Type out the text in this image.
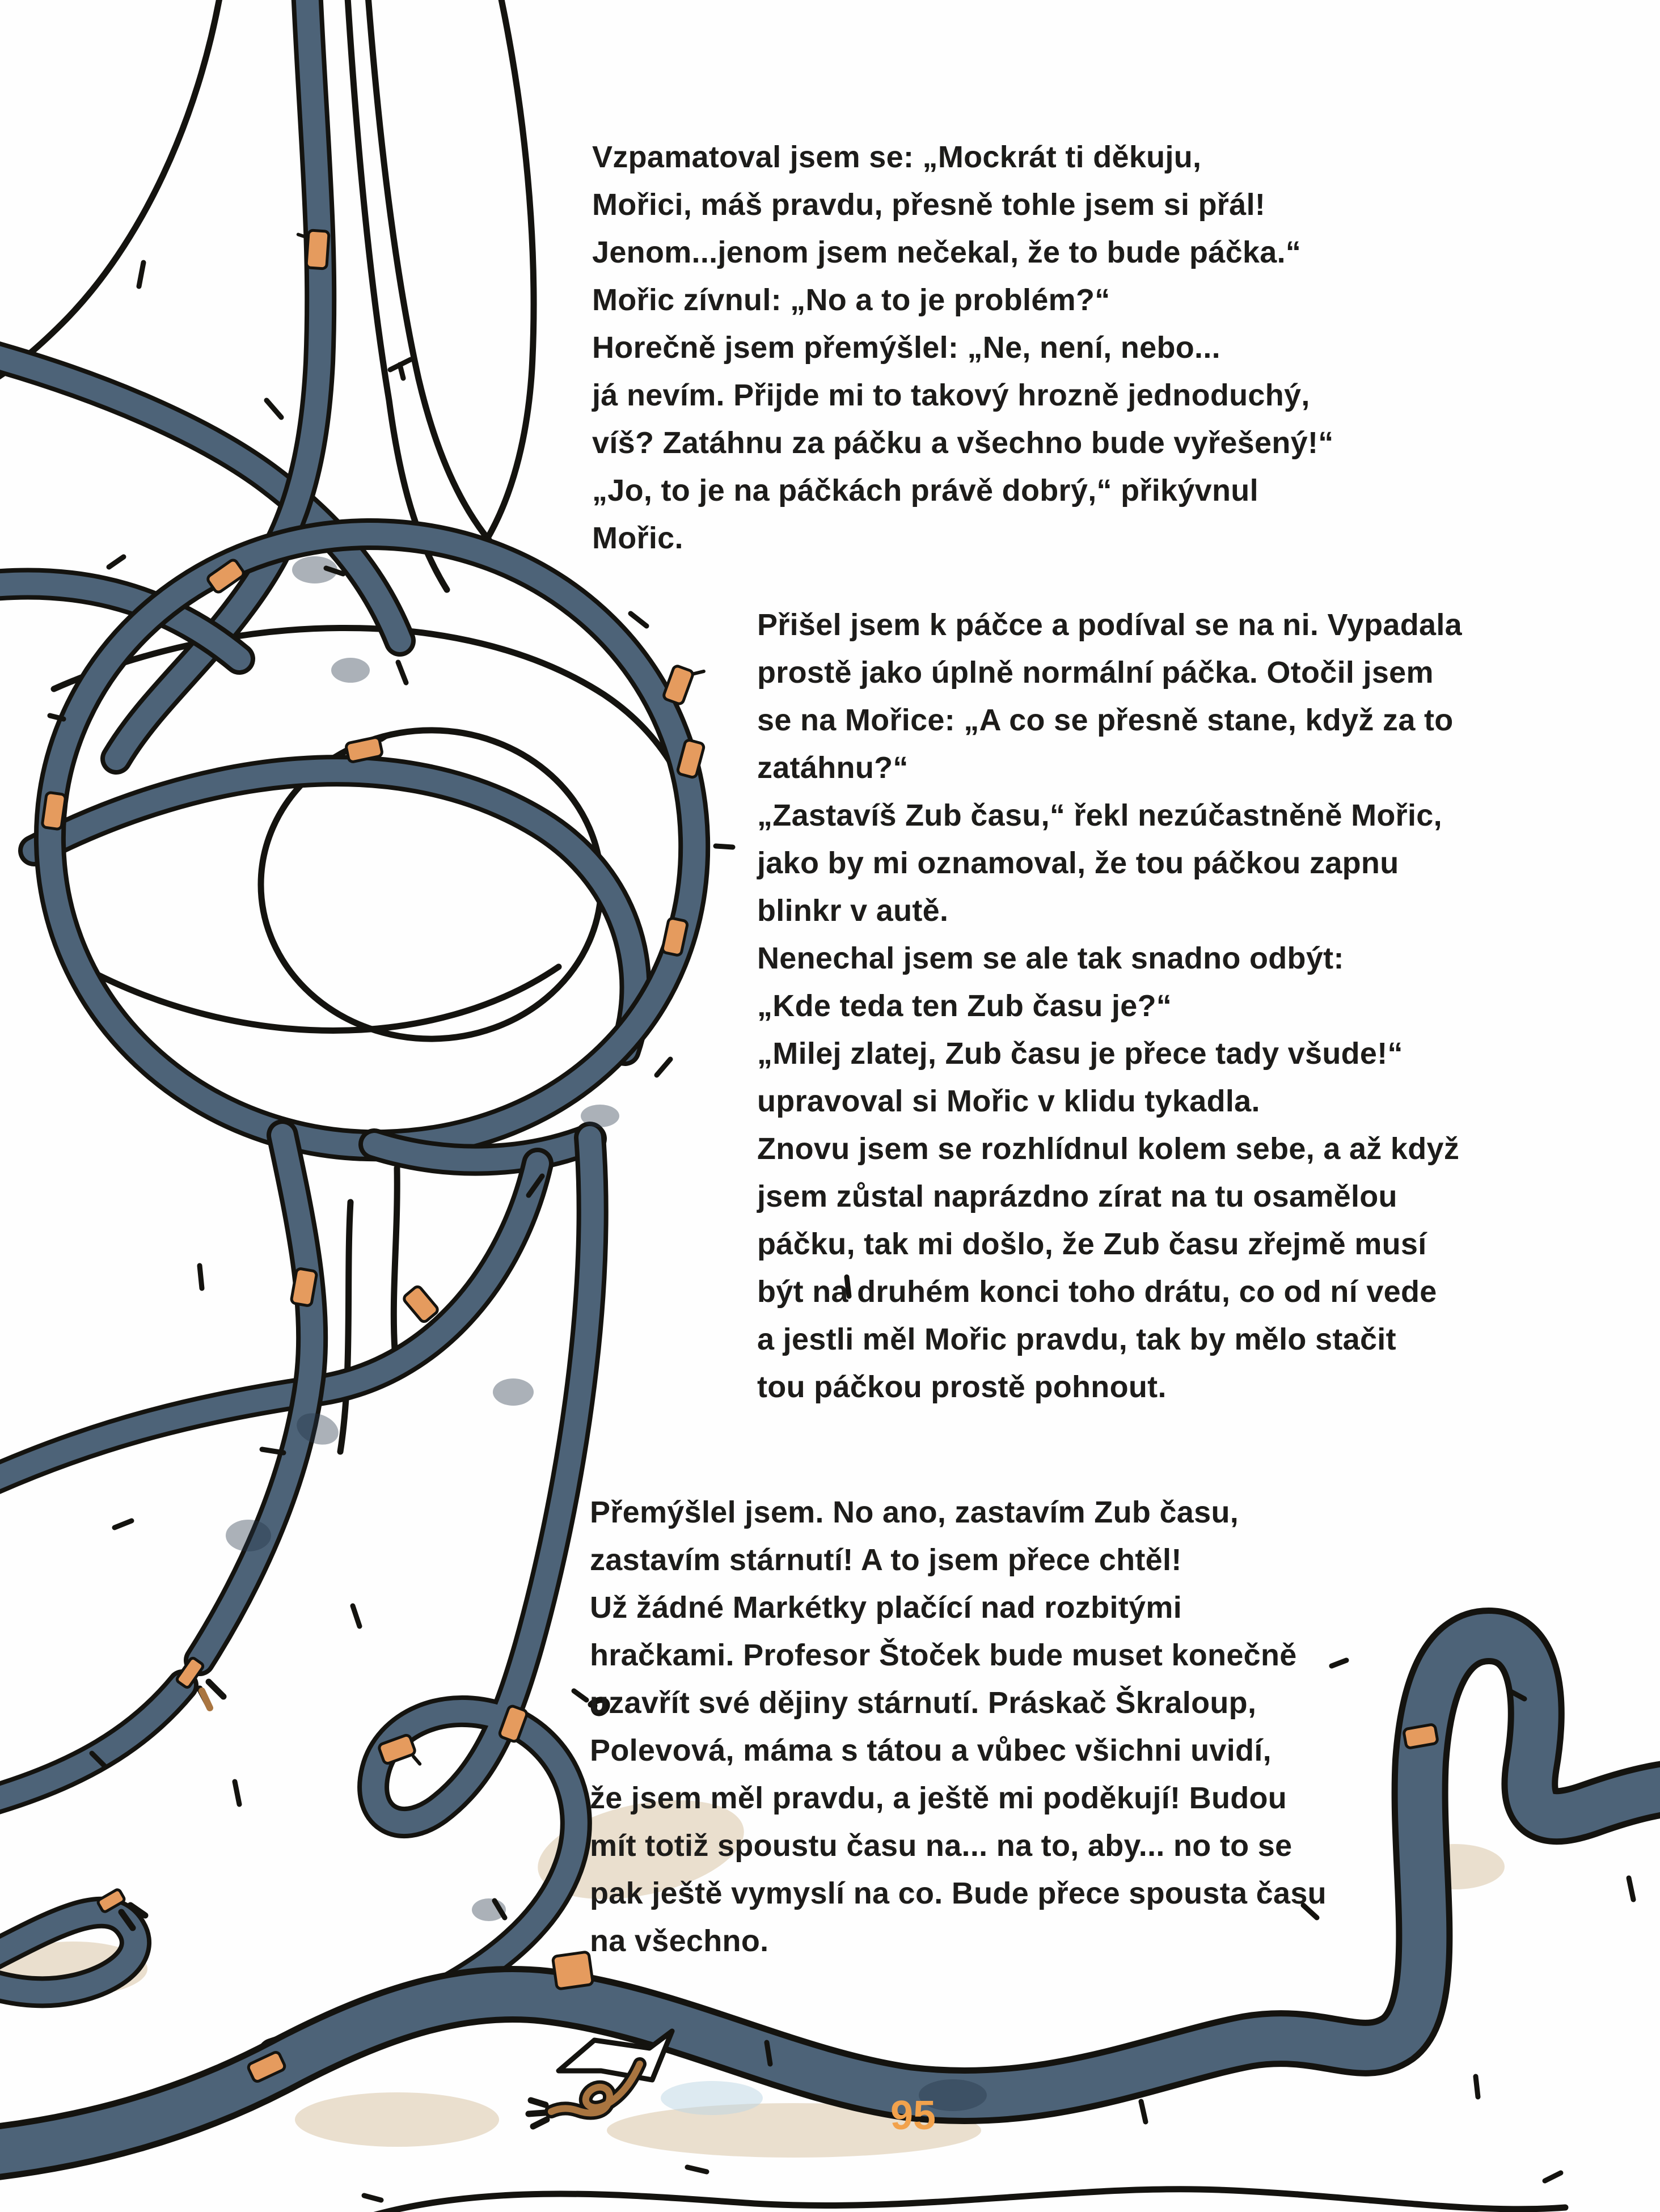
Vzpamatoval jsem se: „Mockrát ti děkuju,
Mořici, máš pravdu, přesně tohle jsem si přál!
Jenom...jenom jsem nečekal, že to bude páčka.“
Mořic zívnul: „No a to je problém?“
Horečně jsem přemýšlel: „Ne, není, nebo...
já nevím. Přijde mi to takový hrozně jednoduchý,
víš? Zatáhnu za páčku a všechno bude vyřešený!“
„Jo, to je na páčkách právě dobrý,“ přikývnul
Mořic.
Přišel jsem k páčce a podíval se na ni. Vypadala
prostě jako úplně normální páčka. Otočil jsem
se na Mořice: „A co se přesně stane, když za to
zatáhnu?“
„Zastavíš Zub času,“ řekl nezúčastněně Mořic,
jako by mi oznamoval, že tou páčkou zapnu
blinkr v autě.
Nenechal jsem se ale tak snadno odbýt:
„Kde teda ten Zub času je?“
„Milej zlatej, Zub času je přece tady všude!“
upravoval si Mořic v klidu tykadla.
Znovu jsem se rozhlídnul kolem sebe, a až když
jsem zůstal naprázdno zírat na tu osamělou
páčku, tak mi došlo, že Zub času zřejmě musí
být na druhém konci toho drátu, co od ní vede
a jestli měl Mořic pravdu, tak by mělo stačit
tou páčkou prostě pohnout.
Přemýšlel jsem. No ano, zastavím Zub času,
zastavím stárnutí! A to jsem přece chtěl!
Už žádné Markétky plačící nad rozbitými
hračkami. Profesor Štoček bude muset konečně
uzavřít své dějiny stárnutí. Práskač Škraloup,
Polevová, máma s tátou a vůbec všichni uvidí,
že jsem měl pravdu, a ještě mi poděkují! Budou
mít totiž spoustu času na... na to, aby... no to se
pak ještě vymyslí na co. Bude přece spousta času
na všechno.
95
